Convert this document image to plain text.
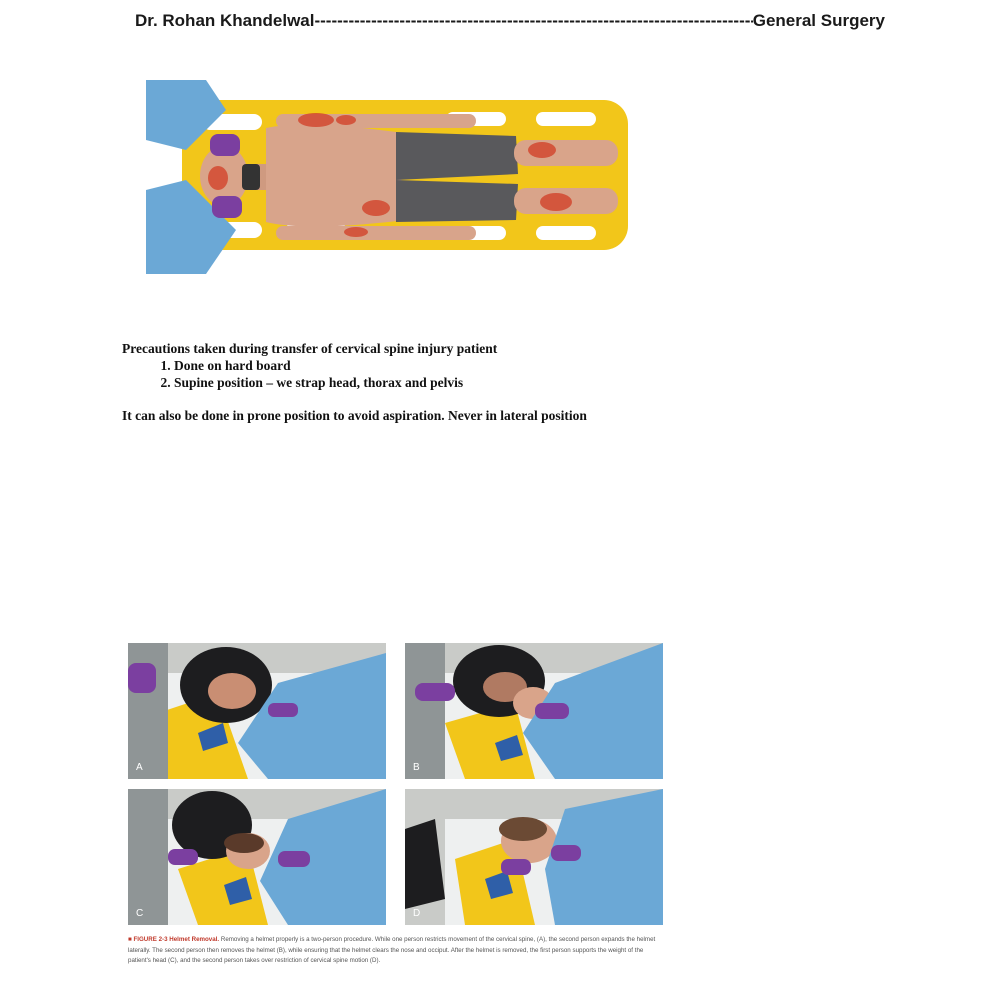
Dr. Rohan Khandelwal
-----	General Surgery

Precautions taken during transfer of cervical spine injury patient

1. Done on hard board
2. Supine position – we strap head, thorax and pelvis

It can also be done in prone position to avoid aspiration. Never in lateral position

A	B
C	D
■ FIGURE 2-3 Helmet Removal. Removing a helmet properly is a two-person procedure. While one person restricts movement of the cervical spine, (A), the second person expands the helmet laterally. The second person then removes the helmet (B), while ensuring that the helmet clears the nose and occiput. After the helmet is removed, the first person supports the weight of the patient's head (C), and the second person takes over restriction of cervical spine motion (D).
